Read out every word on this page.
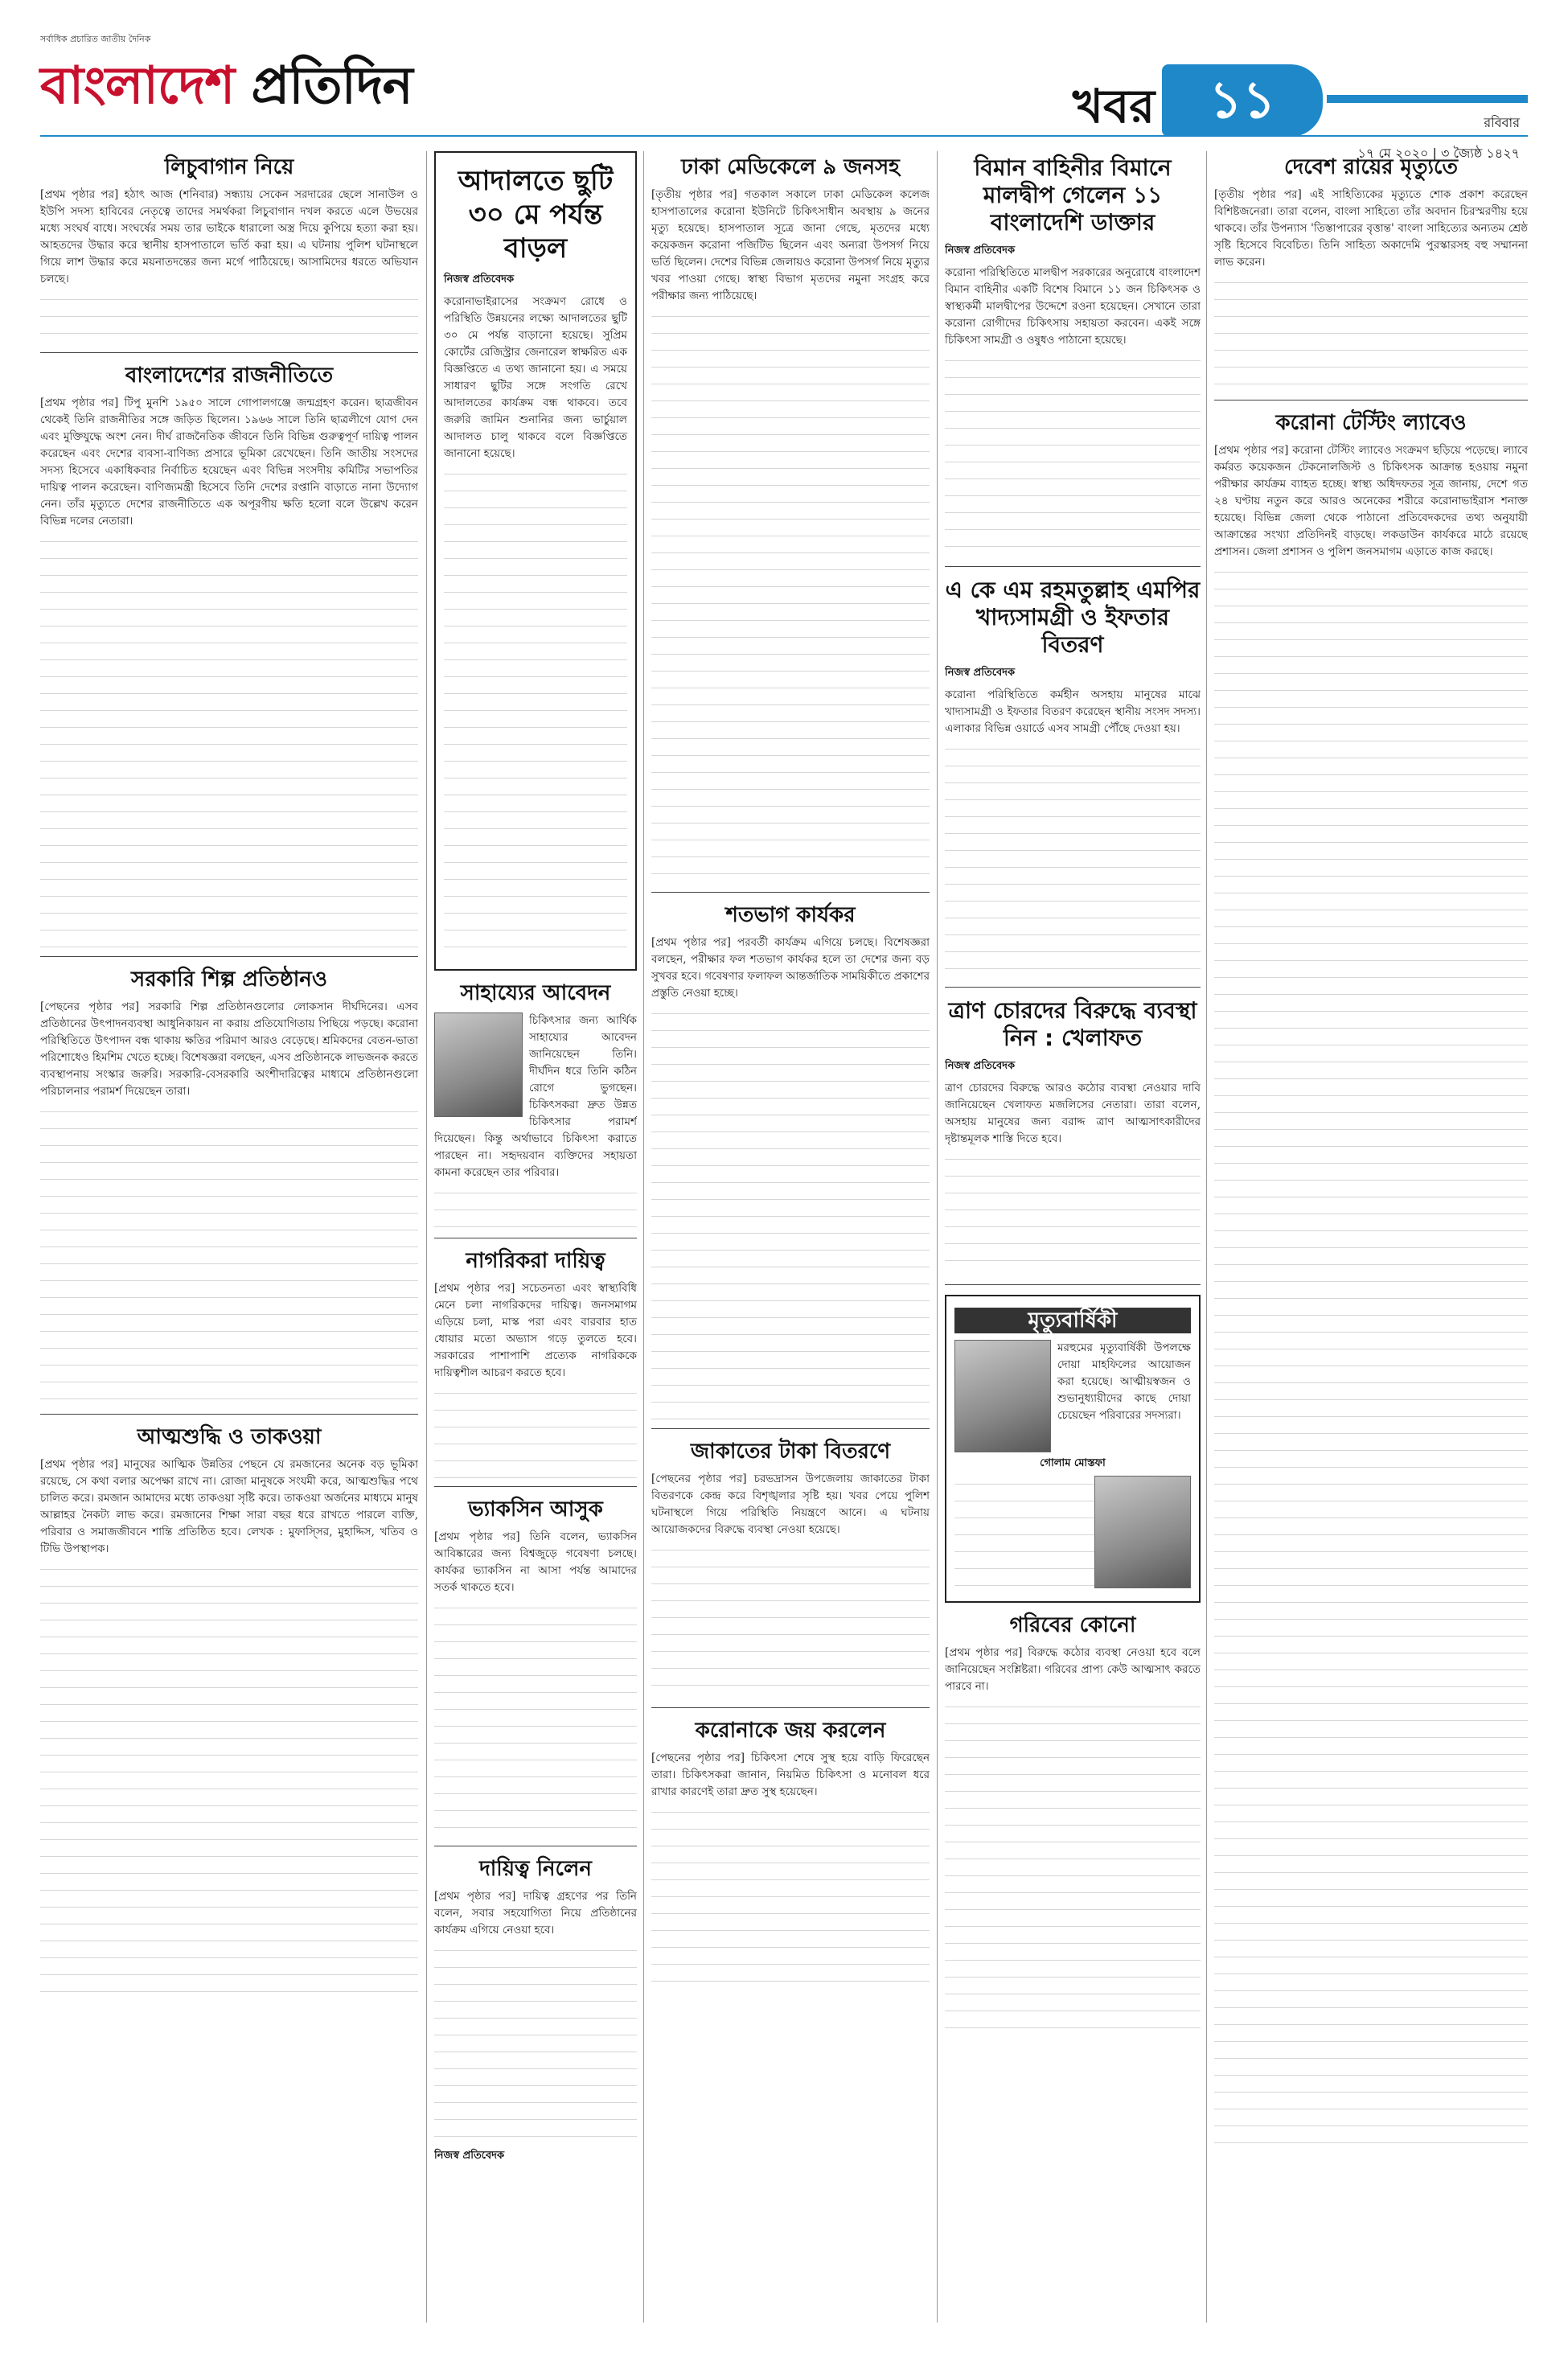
সর্বাধিক প্রচারিত জাতীয় দৈনিক
বাংলাদেশ প্রতিদিন	খবর	১১	রবিবার
১৭ মে ২০২০ | ৩ জ্যৈষ্ঠ ১৪২৭
লিচুবাগান নিয়ে

[প্রথম পৃষ্ঠার পর] হঠাৎ আজ (শনিবার) সন্ধ্যায় সেকেন সরদারের ছেলে সানাউল ও ইউপি সদস্য হাবিবের নেতৃত্বে তাদের সমর্থকরা লিচুবাগান দখল করতে এলে উভয়ের মধ্যে সংঘর্ষ বাধে। সংঘর্ষের সময় তার ভাইকে ধারালো অস্ত্র দিয়ে কুপিয়ে হত্যা করা হয়। আহতদের উদ্ধার করে স্থানীয় হাসপাতালে ভর্তি করা হয়। এ ঘটনায় পুলিশ ঘটনাস্থলে গিয়ে লাশ উদ্ধার করে ময়নাতদন্তের জন্য মর্গে পাঠিয়েছে। আসামিদের ধরতে অভিযান চলছে।

বাংলাদেশের রাজনীতিতে

[প্রথম পৃষ্ঠার পর] টিপু মুনশি ১৯৫০ সালে গোপালগঞ্জে জন্মগ্রহণ করেন। ছাত্রজীবন থেকেই তিনি রাজনীতির সঙ্গে জড়িত ছিলেন। ১৯৬৬ সালে তিনি ছাত্রলীগে যোগ দেন এবং মুক্তিযুদ্ধে অংশ নেন। দীর্ঘ রাজনৈতিক জীবনে তিনি বিভিন্ন গুরুত্বপূর্ণ দায়িত্ব পালন করেছেন এবং দেশের ব্যবসা-বাণিজ্য প্রসারে ভূমিকা রেখেছেন। তিনি জাতীয় সংসদের সদস্য হিসেবে একাধিকবার নির্বাচিত হয়েছেন এবং বিভিন্ন সংসদীয় কমিটির সভাপতির দায়িত্ব পালন করেছেন। বাণিজ্যমন্ত্রী হিসেবে তিনি দেশের রপ্তানি বাড়াতে নানা উদ্যোগ নেন। তাঁর মৃত্যুতে দেশের রাজনীতিতে এক অপূরণীয় ক্ষতি হলো বলে উল্লেখ করেন বিভিন্ন দলের নেতারা।

সরকারি শিল্প প্রতিষ্ঠানও

[পেছনের পৃষ্ঠার পর] সরকারি শিল্প প্রতিষ্ঠানগুলোর লোকসান দীর্ঘদিনের। এসব প্রতিষ্ঠানের উৎপাদনব্যবস্থা আধুনিকায়ন না করায় প্রতিযোগিতায় পিছিয়ে পড়ছে। করোনা পরিস্থিতিতে উৎপাদন বন্ধ থাকায় ক্ষতির পরিমাণ আরও বেড়েছে। শ্রমিকদের বেতন-ভাতা পরিশোধেও হিমশিম খেতে হচ্ছে। বিশেষজ্ঞরা বলছেন, এসব প্রতিষ্ঠানকে লাভজনক করতে ব্যবস্থাপনায় সংস্কার জরুরি। সরকারি-বেসরকারি অংশীদারিত্বের মাধ্যমে প্রতিষ্ঠানগুলো পরিচালনার পরামর্শ দিয়েছেন তারা।

আত্মশুদ্ধি ও তাকওয়া

[প্রথম পৃষ্ঠার পর] মানুষের আত্মিক উন্নতির পেছনে যে রমজানের অনেক বড় ভূমিকা রয়েছে, সে কথা বলার অপেক্ষা রাখে না। রোজা মানুষকে সংযমী করে, আত্মশুদ্ধির পথে চালিত করে। রমজান আমাদের মধ্যে তাকওয়া সৃষ্টি করে। তাকওয়া অর্জনের মাধ্যমে মানুষ আল্লাহর নৈকট্য লাভ করে। রমজানের শিক্ষা সারা বছর ধরে রাখতে পারলে ব্যক্তি, পরিবার ও সমাজজীবনে শান্তি প্রতিষ্ঠিত হবে। লেখক : মুফাস্সির, মুহাদ্দিস, খতিব ও টিভি উপস্থাপক।

আদালতে ছুটি ৩০ মে পর্যন্ত বাড়ল
নিজস্ব প্রতিবেদক

করোনাভাইরাসের সংক্রমণ রোধে ও পরিস্থিতি উন্নয়নের লক্ষ্যে আদালতের ছুটি ৩০ মে পর্যন্ত বাড়ানো হয়েছে। সুপ্রিম কোর্টের রেজিস্ট্রার জেনারেল স্বাক্ষরিত এক বিজ্ঞপ্তিতে এ তথ্য জানানো হয়। এ সময়ে সাধারণ ছুটির সঙ্গে সংগতি রেখে আদালতের কার্যক্রম বন্ধ থাকবে। তবে জরুরি জামিন শুনানির জন্য ভার্চুয়াল আদালত চালু থাকবে বলে বিজ্ঞপ্তিতে জানানো হয়েছে।

সাহায্যের আবেদন

চিকিৎসার জন্য আর্থিক সাহায্যের আবেদন জানিয়েছেন তিনি। দীর্ঘদিন ধরে তিনি কঠিন রোগে ভুগছেন। চিকিৎসকরা দ্রুত উন্নত চিকিৎসার পরামর্শ দিয়েছেন। কিন্তু অর্থাভাবে চিকিৎসা করাতে পারছেন না। সহৃদয়বান ব্যক্তিদের সহায়তা কামনা করেছেন তার পরিবার।

নাগরিকরা দায়িত্ব

[প্রথম পৃষ্ঠার পর] সচেতনতা এবং স্বাস্থ্যবিধি মেনে চলা নাগরিকদের দায়িত্ব। জনসমাগম এড়িয়ে চলা, মাস্ক পরা এবং বারবার হাত ধোয়ার মতো অভ্যাস গড়ে তুলতে হবে। সরকারের পাশাপাশি প্রত্যেক নাগরিককে দায়িত্বশীল আচরণ করতে হবে।

ভ্যাকসিন আসুক

[প্রথম পৃষ্ঠার পর] তিনি বলেন, ভ্যাকসিন আবিষ্কারের জন্য বিশ্বজুড়ে গবেষণা চলছে। কার্যকর ভ্যাকসিন না আসা পর্যন্ত আমাদের সতর্ক থাকতে হবে।

দায়িত্ব নিলেন

[প্রথম পৃষ্ঠার পর] দায়িত্ব গ্রহণের পর তিনি বলেন, সবার সহযোগিতা নিয়ে প্রতিষ্ঠানের কার্যক্রম এগিয়ে নেওয়া হবে।

নিজস্ব প্রতিবেদক
ঢাকা মেডিকেলে ৯ জনসহ

[তৃতীয় পৃষ্ঠার পর] গতকাল সকালে ঢাকা মেডিকেল কলেজ হাসপাতালের করোনা ইউনিটে চিকিৎসাধীন অবস্থায় ৯ জনের মৃত্যু হয়েছে। হাসপাতাল সূত্রে জানা গেছে, মৃতদের মধ্যে কয়েকজন করোনা পজিটিভ ছিলেন এবং অন্যরা উপসর্গ নিয়ে ভর্তি ছিলেন। দেশের বিভিন্ন জেলায়ও করোনা উপসর্গ নিয়ে মৃত্যুর খবর পাওয়া গেছে। স্বাস্থ্য বিভাগ মৃতদের নমুনা সংগ্রহ করে পরীক্ষার জন্য পাঠিয়েছে।

শতভাগ কার্যকর

[প্রথম পৃষ্ঠার পর] পরবর্তী কার্যক্রম এগিয়ে চলছে। বিশেষজ্ঞরা বলছেন, পরীক্ষার ফল শতভাগ কার্যকর হলে তা দেশের জন্য বড় সুখবর হবে। গবেষণার ফলাফল আন্তর্জাতিক সাময়িকীতে প্রকাশের প্রস্তুতি নেওয়া হচ্ছে।

জাকাতের টাকা বিতরণে

[পেছনের পৃষ্ঠার পর] চরভদ্রাসন উপজেলায় জাকাতের টাকা বিতরণকে কেন্দ্র করে বিশৃঙ্খলার সৃষ্টি হয়। খবর পেয়ে পুলিশ ঘটনাস্থলে গিয়ে পরিস্থিতি নিয়ন্ত্রণে আনে। এ ঘটনায় আয়োজকদের বিরুদ্ধে ব্যবস্থা নেওয়া হয়েছে।

করোনাকে জয় করলেন

[পেছনের পৃষ্ঠার পর] চিকিৎসা শেষে সুস্থ হয়ে বাড়ি ফিরেছেন তারা। চিকিৎসকরা জানান, নিয়মিত চিকিৎসা ও মনোবল ধরে রাখার কারণেই তারা দ্রুত সুস্থ হয়েছেন।

বিমান বাহিনীর বিমানে মালদ্বীপ গেলেন ১১ বাংলাদেশি ডাক্তার
নিজস্ব প্রতিবেদক

করোনা পরিস্থিতিতে মালদ্বীপ সরকারের অনুরোধে বাংলাদেশ বিমান বাহিনীর একটি বিশেষ বিমানে ১১ জন চিকিৎসক ও স্বাস্থ্যকর্মী মালদ্বীপের উদ্দেশে রওনা হয়েছেন। সেখানে তারা করোনা রোগীদের চিকিৎসায় সহায়তা করবেন। একই সঙ্গে চিকিৎসা সামগ্রী ও ওষুধও পাঠানো হয়েছে।

এ কে এম রহমতুল্লাহ এমপির খাদ্যসামগ্রী ও ইফতার বিতরণ
নিজস্ব প্রতিবেদক

করোনা পরিস্থিতিতে কর্মহীন অসহায় মানুষের মাঝে খাদ্যসামগ্রী ও ইফতার বিতরণ করেছেন স্থানীয় সংসদ সদস্য। এলাকার বিভিন্ন ওয়ার্ডে এসব সামগ্রী পৌঁছে দেওয়া হয়।

ত্রাণ চোরদের বিরুদ্ধে ব্যবস্থা নিন : খেলাফত
নিজস্ব প্রতিবেদক

ত্রাণ চোরদের বিরুদ্ধে আরও কঠোর ব্যবস্থা নেওয়ার দাবি জানিয়েছেন খেলাফত মজলিসের নেতারা। তারা বলেন, অসহায় মানুষের জন্য বরাদ্দ ত্রাণ আত্মসাৎকারীদের দৃষ্টান্তমূলক শাস্তি দিতে হবে।

মৃত্যুবার্ষিকী

মরহুমের মৃত্যুবার্ষিকী উপলক্ষে দোয়া মাহফিলের আয়োজন করা হয়েছে। আত্মীয়স্বজন ও শুভানুধ্যায়ীদের কাছে দোয়া চেয়েছেন পরিবারের সদস্যরা।

গোলাম মোস্তফা
গরিবের কোনো

[প্রথম পৃষ্ঠার পর] বিরুদ্ধে কঠোর ব্যবস্থা নেওয়া হবে বলে জানিয়েছেন সংশ্লিষ্টরা। গরিবের প্রাপ্য কেউ আত্মসাৎ করতে পারবে না।

দেবেশ রায়ের মৃত্যুতে

[তৃতীয় পৃষ্ঠার পর] এই সাহিত্যিকের মৃত্যুতে শোক প্রকাশ করেছেন বিশিষ্টজনেরা। তারা বলেন, বাংলা সাহিত্যে তাঁর অবদান চিরস্মরণীয় হয়ে থাকবে। তাঁর উপন্যাস 'তিস্তাপারের বৃত্তান্ত' বাংলা সাহিত্যের অন্যতম শ্রেষ্ঠ সৃষ্টি হিসেবে বিবেচিত। তিনি সাহিত্য অকাদেমি পুরস্কারসহ বহু সম্মাননা লাভ করেন।

করোনা টেস্টিং ল্যাবেও

[প্রথম পৃষ্ঠার পর] করোনা টেস্টিং ল্যাবেও সংক্রমণ ছড়িয়ে পড়েছে। ল্যাবে কর্মরত কয়েকজন টেকনোলজিস্ট ও চিকিৎসক আক্রান্ত হওয়ায় নমুনা পরীক্ষার কার্যক্রম ব্যাহত হচ্ছে। স্বাস্থ্য অধিদফতর সূত্র জানায়, দেশে গত ২৪ ঘণ্টায় নতুন করে আরও অনেকের শরীরে করোনাভাইরাস শনাক্ত হয়েছে। বিভিন্ন জেলা থেকে পাঠানো প্রতিবেদকদের তথ্য অনুযায়ী আক্রান্তের সংখ্যা প্রতিদিনই বাড়ছে। লকডাউন কার্যকরে মাঠে রয়েছে প্রশাসন। জেলা প্রশাসন ও পুলিশ জনসমাগম এড়াতে কাজ করছে।
